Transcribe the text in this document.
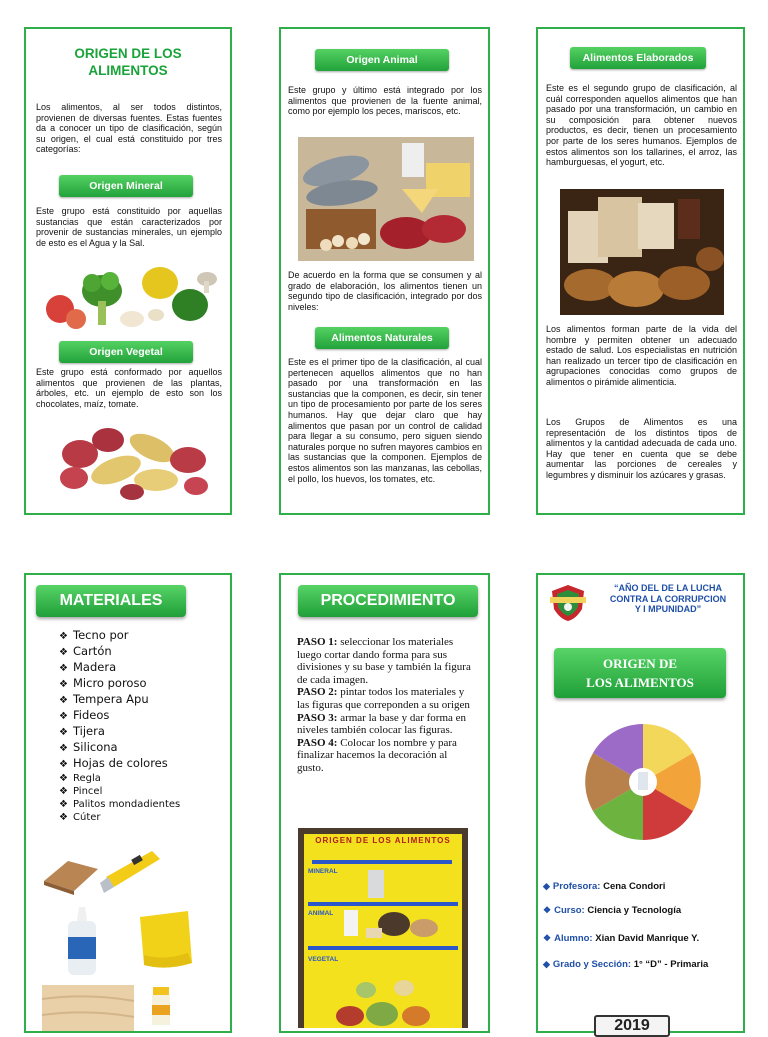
ORIGEN DE LOS
ALIMENTOS

Los alimentos, al ser todos distintos, provienen de diversas fuentes. Estas fuentes da a conocer un tipo de clasificación, según su origen, el cual está constituido por tres categorías:

Origen Mineral

Este grupo está constituido por aquellas sustancias que están caracterizados por provenir de sustancias minerales, un ejemplo de esto es el Agua y la Sal.

Origen Vegetal

Este grupo está conformado por aquellos alimentos que provienen de las plantas, árboles, etc. un ejemplo de esto son los chocolates, maíz, tomate.

Origen Animal

Este grupo y último está integrado por los alimentos que provienen de la fuente animal, como por ejemplo los peces, mariscos, etc.

De acuerdo en la forma que se consumen y al grado de elaboración, los alimentos tienen un segundo tipo de clasificación, integrado por dos niveles:

Alimentos Naturales

Este es el primer tipo de la clasificación, al cual pertenecen aquellos alimentos que no han pasado por una transformación en las sustancias que la componen, es decir, sin tener un tipo de procesamiento por parte de los seres humanos. Hay que dejar claro que hay alimentos que pasan por un control de calidad para llegar a su consumo, pero siguen siendo naturales porque no sufren mayores cambios en las sustancias que la componen. Ejemplos de estos alimentos son las manzanas, las cebollas, el pollo, los huevos, los tomates, etc.

Alimentos Elaborados

Este es el segundo grupo de clasificación, al cuál corresponden aquellos alimentos que han pasado por una transformación, un cambio en su composición para obtener nuevos productos, es decir, tienen un procesamiento por parte de los seres humanos. Ejemplos de estos alimentos son los tallarines, el arroz, las hamburguesas, el yogurt, etc.

Los alimentos forman parte de la vida del hombre y permiten obtener un adecuado estado de salud. Los especialistas en nutrición han realizado un tercer tipo de clasificación en agrupaciones conocidas como grupos de alimentos o pirámide alimenticia.

Los Grupos de Alimentos es una representación de los distintos tipos de alimentos y la cantidad adecuada de cada uno. Hay que tener en cuenta que se debe aumentar las porciones de cereales y legumbres y disminuir los azúcares y grasas.

MATERIALES
❖ Tecno por
❖ Cartón
❖ Madera
❖ Micro poroso
❖ Tempera Apu
❖ Fideos
❖ Tijera
❖ Silicona
❖ Hojas de colores
❖ Regla
❖ Pincel
❖ Palitos mondadientes
❖ Cúter
PROCEDIMIENTO
PASO 1: seleccionar los materiales luego cortar dando forma para sus divisiones y su base y también la figura de cada imagen.
PASO 2: pintar todos los materiales y las figuras que correponden a su origen
PASO 3: armar la base y dar forma en niveles también colocar las figuras.
PASO 4: Colocar los nombre y para finalizar hacemos la decoración al gusto.
ORIGEN DE LOS ALIMENTOS
MINERAL
ANIMAL
VEGETAL
“AÑO DEL DE LA LUCHA
CONTRA LA CORRUPCION
Y I MPUNIDAD”
ORIGEN DE
LOS ALIMENTOS
◆ Profesora: Cena Condori
❖ Curso: Ciencia y Tecnología
❖ Alumno: Xian David Manrique Y.
◆ Grado y Sección: 1° “D” - Primaria
2019
